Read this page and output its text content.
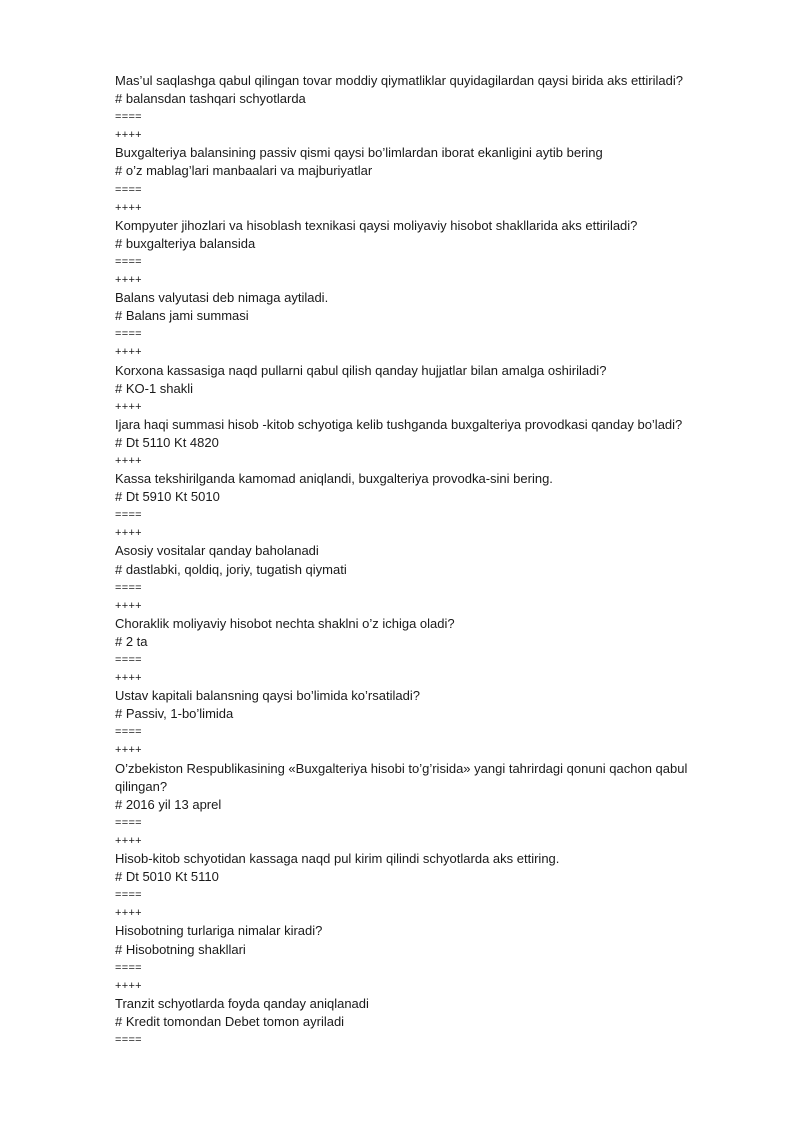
Mas’ul saqlashga qabul qilingan tovar moddiy qiymatliklar quyidagilardan qaysi birida aks ettiriladi?
# balansdan tashqari schyotlarda
====
++++
Buxgalteriya balansining passiv qismi qaysi bo’limlardan iborat ekanligini aytib bering
# o’z mablag’lari manbaalari va majburiyatlar
====
++++
Kompyuter jihozlari va hisoblash texnikasi qaysi moliyaviy hisobot shakllarida aks ettiriladi?
# buxgalteriya balansida
====
++++
Balans valyutasi deb nimaga aytiladi.
# Balans jami summasi
====
++++
Korxona kassasiga naqd pullarni qabul qilish qanday hujjatlar bilan amalga oshiriladi?
# KO-1 shakli
++++
Ijara haqi summasi hisob -kitob schyotiga kelib tushganda buxgalteriya provodkasi qanday bo’ladi?
# Dt 5110 Kt 4820
++++
Kassa tekshirilganda kamomad aniqlandi, buxgalteriya provodka-sini bering.
# Dt 5910 Kt 5010
====
++++
Asosiy vositalar qanday baholanadi
# dastlabki, qoldiq, joriy, tugatish qiymati
====
++++
Choraklik moliyaviy hisobot nechta shaklni o’z ichiga oladi?
# 2 ta
====
++++
Ustav kapitali balansning qaysi bo’limida ko’rsatiladi?
# Passiv, 1-bo’limida
====
++++
O’zbekiston Respublikasining «Buxgalteriya hisobi to’g’risida» yangi tahrirdagi qonuni qachon qabul qilingan?
# 2016 yil 13 aprel
====
++++
Hisob-kitob schyotidan kassaga naqd pul kirim qilindi schyotlarda aks ettiring.
# Dt 5010 Kt 5110
====
++++
Hisobotning turlariga nimalar kiradi?
# Hisobotning shakllari
====
++++
Tranzit schyotlarda foyda qanday aniqlanadi
# Kredit tomondan Debet tomon ayriladi
====
